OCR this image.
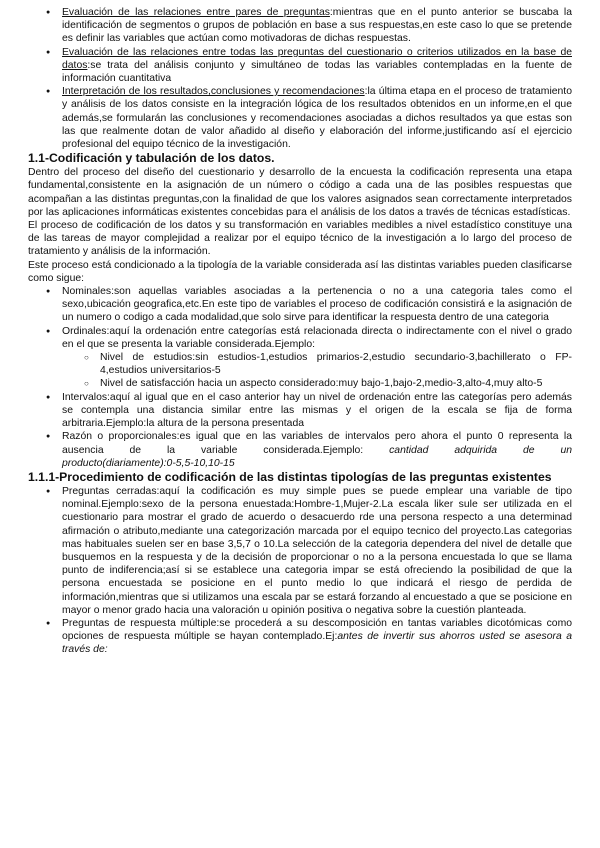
● Evaluación de las relaciones entre pares de preguntas:mientras que en el punto anterior se buscaba la identificación de segmentos o grupos de población en base a sus respuestas,en este caso lo que se pretende es definir las variables que actúan como motivadoras de dichas respuestas.
● Evaluación de las relaciones entre todas las preguntas del cuestionario o criterios utilizados en la base de datos:se trata del análisis conjunto y simultáneo de todas las variables contempladas en la fuente de información cuantitativa
● Interpretación de los resultados,conclusiones y recomendaciones:la última etapa en el proceso de tratamiento y análisis de los datos consiste en la integración lógica de los resultados obtenidos en un informe,en el que además,se formularán las conclusiones y recomendaciones asociadas a dichos resultados ya que estas son las que realmente dotan de valor añadido al diseño y elaboración del informe,justificando así el ejercicio profesional del equipo técnico de la investigación.
1.1-Codificación y tabulación de los datos.

Dentro del proceso del diseño del cuestionario y desarrollo de la encuesta la codificación representa una etapa fundamental,consistente en la asignación de un número o código a cada una de las posibles respuestas que acompañan a las distintas preguntas,con la finalidad de que los valores asignados sean correctamente interpretados por las aplicaciones informáticas existentes concebidas para el análisis de los datos a través de técnicas estadísticas.

El proceso de codificación de los datos y su transformación en variables medibles a nivel estadístico constituye una de las tareas de mayor complejidad a realizar por el equipo técnico de la investigación a lo largo del proceso de tratamiento y análisis de la información.

Este proceso está condicionado a la tipología de la variable considerada así las distintas variables pueden clasificarse como sigue:

● Nominales:son aquellas variables asociadas a la pertenencia o no a una categoria tales como el sexo,ubicación geografica,etc.En este tipo de variables el proceso de codificación consistirá e la asignación de un numero o codigo a cada modalidad,que solo sirve para identificar la respuesta dentro de una categoria
● Ordinales:aquí la ordenación entre categorías está relacionada directa o indirectamente con el nivel o grado en el que se presenta la variable considerada.Ejemplo:
○ Nivel de estudios:sin estudios-1,estudios primarios-2,estudio secundario-3,bachillerato o FP-4,estudios universitarios-5
○ Nivel de satisfacción hacia un aspecto considerado:muy bajo-1,bajo-2,medio-3,alto-4,muy alto-5
● Intervalos:aquí al igual que en el caso anterior hay un nivel de ordenación entre las categorías pero además se contempla una distancia similar entre las mismas y el origen de la escala se fija de forma arbitraria.Ejemplo:la altura de la persona presentada
● Razón o proporcionales:es igual que en las variables de intervalos pero ahora el punto 0 representa la
ausencia de la variable considerada.Ejemplo: cantidad adquirida de un
producto(diariamente):0-5,5-10,10-15
1.1.1-Procedimiento de codificación de las distintas tipologías de las preguntas existentes
● Preguntas cerradas:aquí la codificación es muy simple pues se puede emplear una variable de tipo nominal.Ejemplo:sexo de la persona enuestada:Hombre-1,Mujer-2.La escala liker sule ser utilizada en el cuestionario para mostrar el grado de acuerdo o desacuerdo rde una persona respecto a una determinad afirmación o atributo,mediante una categorización marcada por el equipo tecnico del proyecto.Las categorias mas habituales suelen ser en base 3,5,7 o 10.La selección de la categoria dependera del nivel de detalle que busquemos en la respuesta y de la decisión de proporcionar o no a la persona encuestada lo que se llama punto de indiferencia;así si se establece una categoria impar se está ofreciendo la posibilidad de que la persona encuestada se posicione en el punto medio lo que indicará el riesgo de perdida de información,mientras que si utilizamos una escala par se estará forzando al encuestado a que se posicione en mayor o menor grado hacia una valoración u opinión positiva o negativa sobre la cuestión planteada.
● Preguntas de respuesta múltiple:se procederá a su descomposición en tantas variables dicotómicas como opciones de respuesta múltiple se hayan contemplado.Ej:antes de invertir sus ahorros usted se asesora a través de:
